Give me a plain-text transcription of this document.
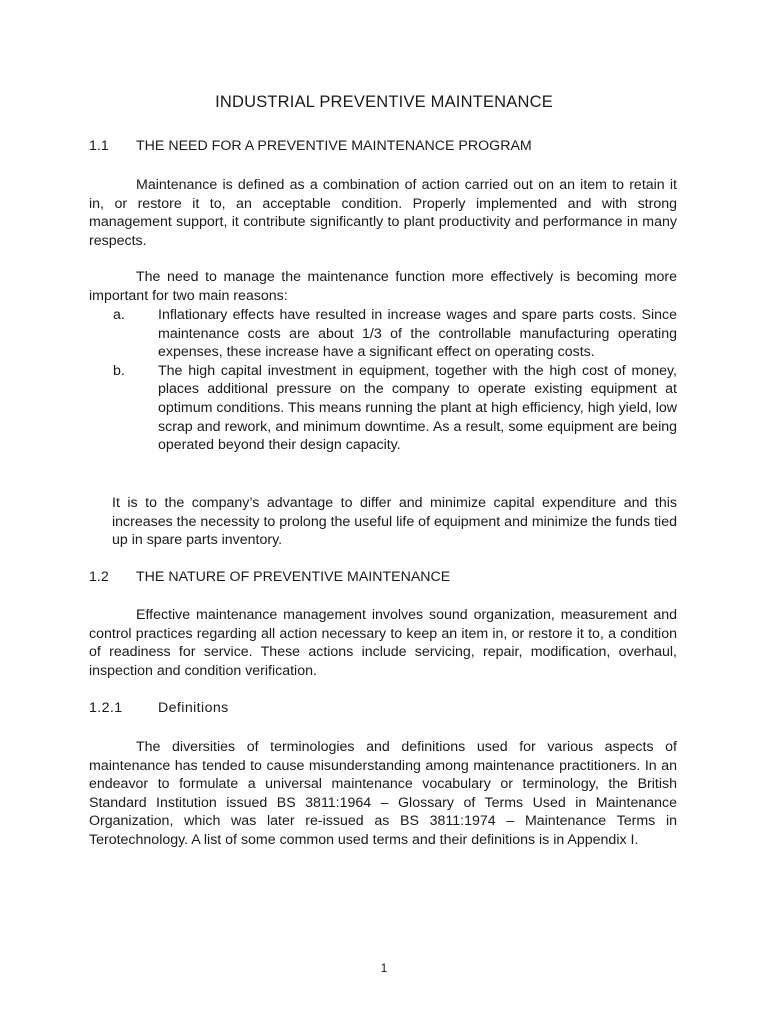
INDUSTRIAL PREVENTIVE MAINTENANCE
1.1 THE NEED FOR A PREVENTIVE MAINTENANCE PROGRAM

Maintenance is defined as a combination of action carried out on an item to retain it in, or restore it to, an acceptable condition. Properly implemented and with strong management support, it contribute significantly to plant productivity and performance in many respects.

The need to manage the maintenance function more effectively is becoming more important for two main reasons:

a.	Inflationary effects have resulted in increase wages and spare parts costs. Since maintenance costs are about 1/3 of the controllable manufacturing operating expenses, these increase have a significant effect on operating costs.
b.	The high capital investment in equipment, together with the high cost of money, places additional pressure on the company to operate existing equipment at optimum conditions. This means running the plant at high efficiency, high yield, low scrap and rework, and minimum downtime. As a result, some equipment are being operated beyond their design capacity.

It is to the company’s advantage to differ and minimize capital expenditure and this increases the necessity to prolong the useful life of equipment and minimize the funds tied up in spare parts inventory.

1.2 THE NATURE OF PREVENTIVE MAINTENANCE

Effective maintenance management involves sound organization, measurement and control practices regarding all action necessary to keep an item in, or restore it to, a condition of readiness for service. These actions include servicing, repair, modification, overhaul, inspection and condition verification.

1.2.1 Definitions

The diversities of terminologies and definitions used for various aspects of maintenance has tended to cause misunderstanding among maintenance practitioners. In an endeavor to formulate a universal maintenance vocabulary or terminology, the British Standard Institution issued BS 3811:1964 – Glossary of Terms Used in Maintenance Organization, which was later re-issued as BS 3811:1974 – Maintenance Terms in Terotechnology. A list of some common used terms and their definitions is in Appendix I.

1
